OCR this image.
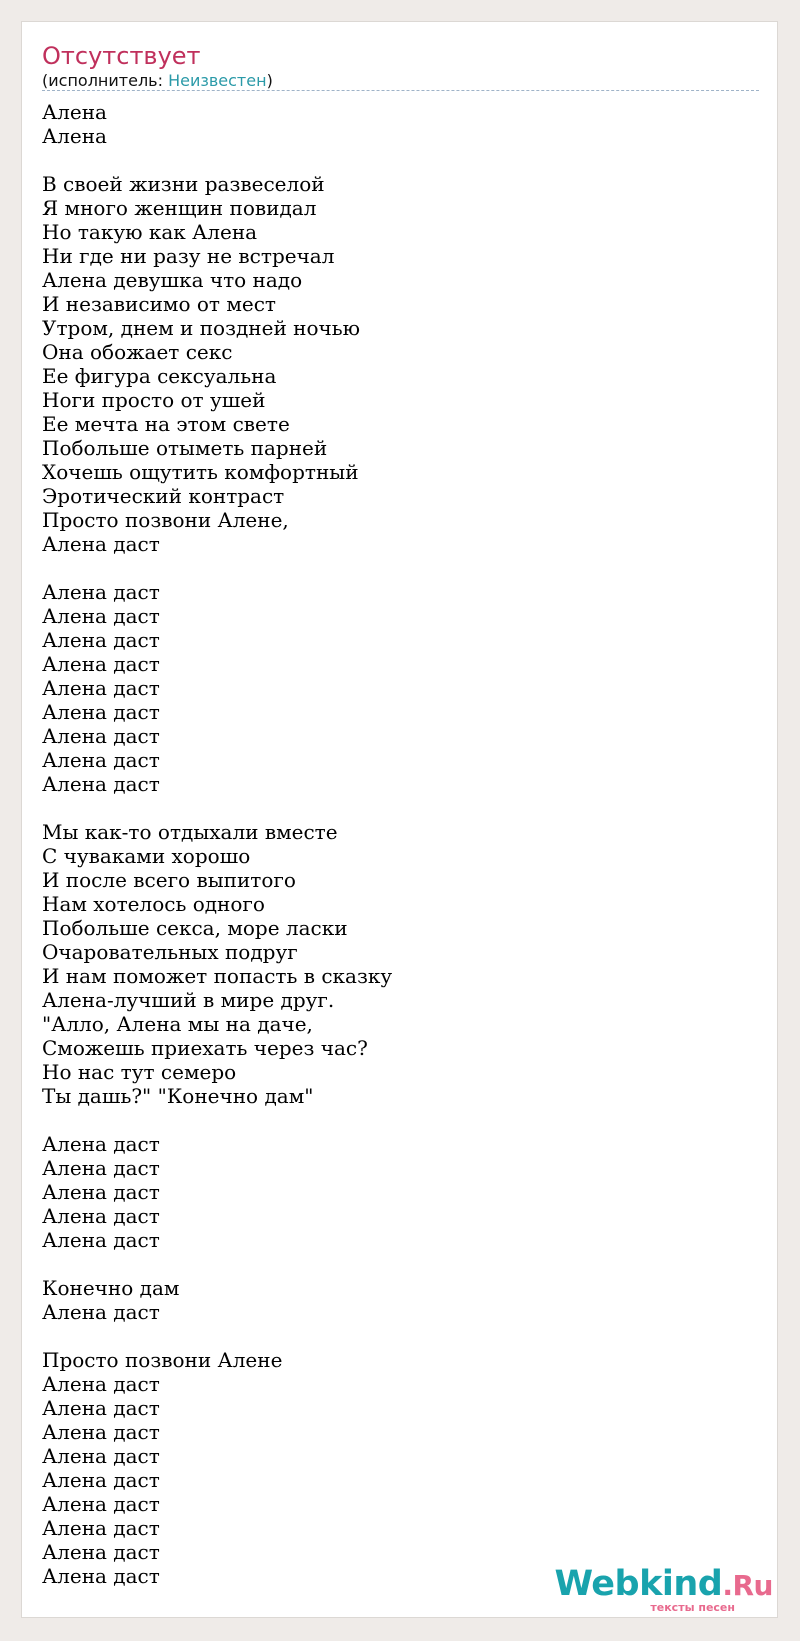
Отсутствует
(исполнитель: Неизвестен)
Алена
Алена
В своей жизни развеселой
Я много женщин повидал
Но такую как Алена
Ни где ни разу не встречал
Алена девушка что надо
И независимо от мест
Утром, днем и поздней ночью
Она обожает секс
Ее фигура сексуальна
Ноги просто от ушей
Ее мечта на этом свете
Побольше отыметь парней
Хочешь ощутить комфортный
Эротический контраст
Просто позвони Алене,
Алена даст
Алена даст
Алена даст
Алена даст
Алена даст
Алена даст
Алена даст
Алена даст
Алена даст
Алена даст
Мы как-то отдыхали вместе
С чуваками хорошо
И после всего выпитого
Нам хотелось одного
Побольше секса, море ласки
Очаровательных подруг
И нам поможет попасть в сказку
Алена-лучший в мире друг.
"Алло, Алена мы на даче,
Сможешь приехать через час?
Но нас тут семеро
Ты дашь?" "Конечно дам"
Алена даст
Алена даст
Алена даст
Алена даст
Алена даст
Конечно дам
Алена даст
Просто позвони Алене
Алена даст
Алена даст
Алена даст
Алена даст
Алена даст
Алена даст
Алена даст
Алена даст
Алена даст	Webkind.Ru
тексты песен
